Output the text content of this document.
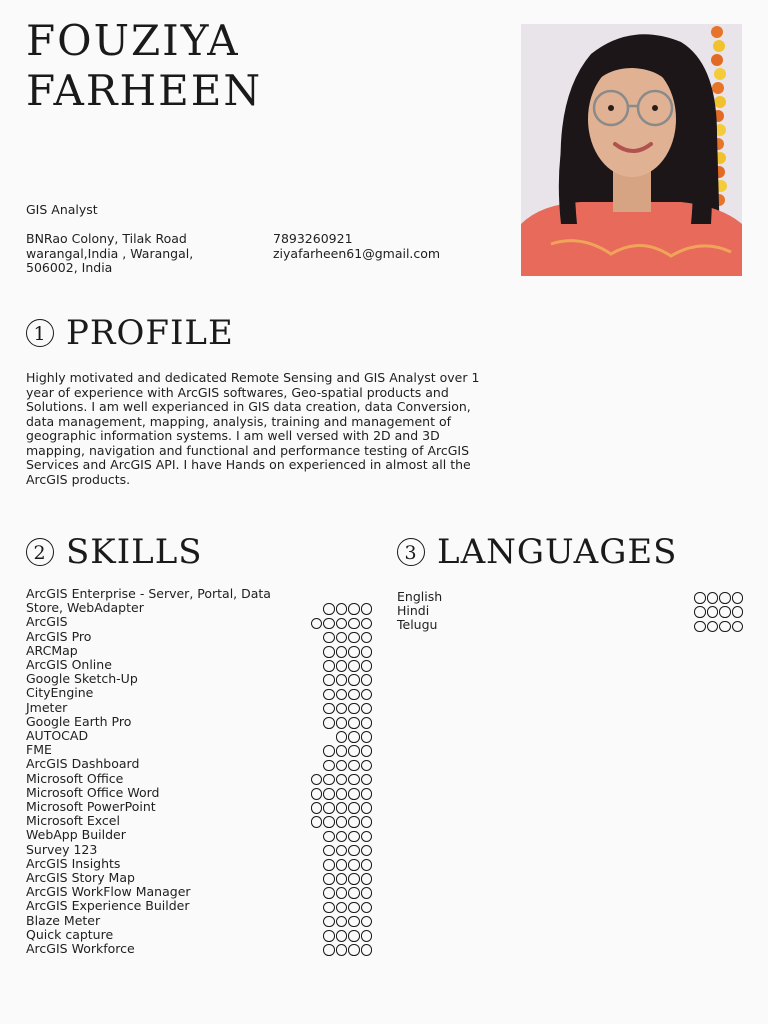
FOUZIYA
FARHEEN
GIS Analyst
BNRao Colony, Tilak Road
warangal,India , Warangal,
506002, India
7893260921
ziyafarheen61@gmail.com
1 PROFILE

Highly motivated and dedicated Remote Sensing and GIS Analyst over 1 year of experience with ArcGIS softwares, Geo-spatial products and Solutions. I am well experianced in GIS data creation, data Conversion, data management, mapping, analysis, training and management of geographic information systems. I am well versed with 2D and 3D mapping, navigation and functional and performance testing of ArcGIS Services and ArcGIS API. I have Hands on experienced in almost all the ArcGIS products.

2 SKILLS
ArcGIS Enterprise - Server, Portal, Data Store, WebAdapter
ArcGIS
ArcGIS Pro
ARCMap
ArcGIS Online
Google Sketch-Up
CityEngine
Jmeter
Google Earth Pro
AUTOCAD
FME
ArcGIS Dashboard
Microsoft Office
Microsoft Office Word
Microsoft PowerPoint
Microsoft Excel
WebApp Builder
Survey 123
ArcGIS Insights
ArcGIS Story Map
ArcGIS WorkFlow Manager
ArcGIS Experience Builder
Blaze Meter
Quick capture
ArcGIS Workforce
3 LANGUAGES
English
Hindi
Telugu
